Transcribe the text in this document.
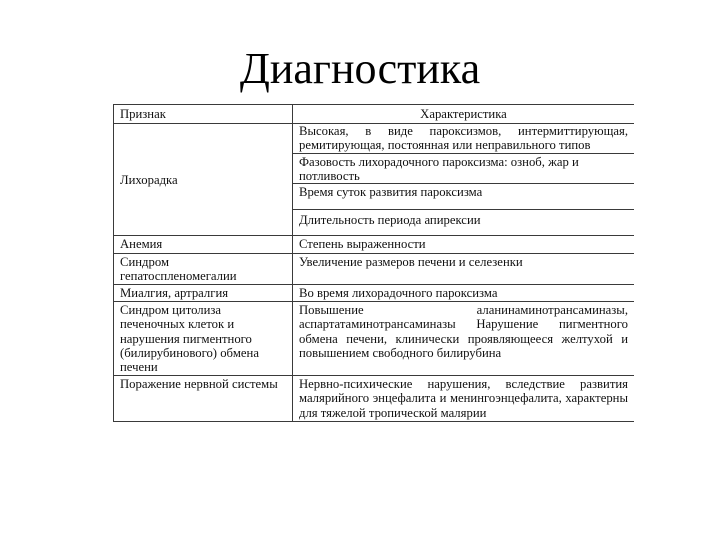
Диагностика
Признак	Характеристика
Лихорадка	Высокая, в виде пароксизмов, интермиттирующая, ремитирующая, постоянная или неправильного типов
Фазовость лихорадочного пароксизма: озноб, жар и потливость
Время суток развития пароксизма
Длительность периода апирексии

Анемия	Степень выраженности
Синдром гепатоспленомегалии	Увеличение размеров печени и селезенки
Миалгия, артралгия	Во время лихорадочного пароксизма
Синдром цитолиза печеночных клеток и нарушения пигментного (билирубинового) обмена печени	Повышение аланинаминотрансаминазы, аспартатаминотрансаминазы Нарушение пигментного обмена печени, клинически проявляющееся желтухой и повышением свободного билирубина
Поражение нервной системы	Нервно-психические нарушения, вследствие развития малярийного энцефалита и менингоэнцефалита, характерны для тяжелой тропической малярии
